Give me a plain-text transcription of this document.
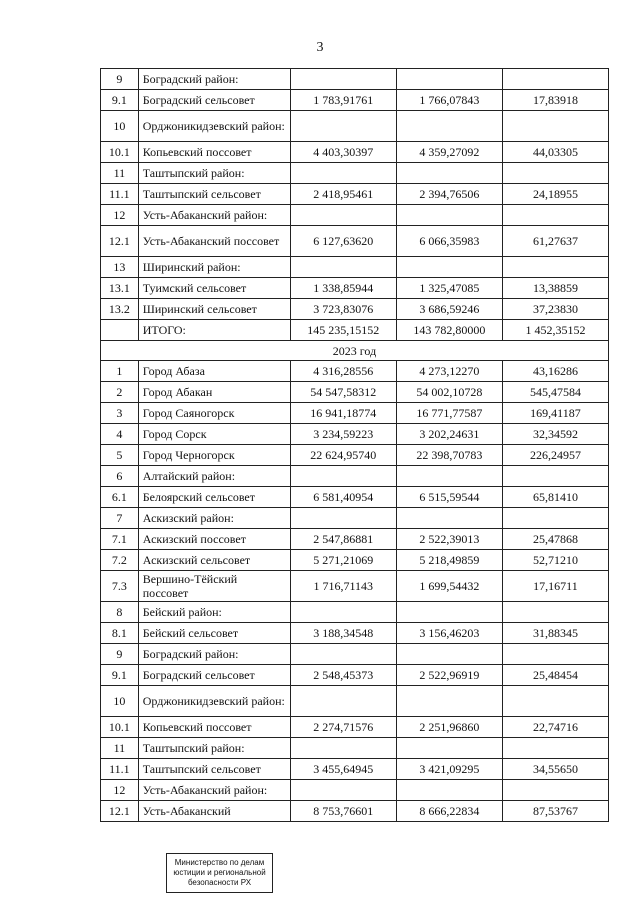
3
9	Боградский район:			
9.1	Боградский сельсовет	1 783,91761	1 766,07843	17,83918
10	Орджоникидзевский район:			
10.1	Копьевский поссовет	4 403,30397	4 359,27092	44,03305
11	Таштыпский район:			
11.1	Таштыпский сельсовет	2 418,95461	2 394,76506	24,18955
12	Усть-Абаканский район:			
12.1	Усть-Абаканский поссовет	6 127,63620	6 066,35983	61,27637
13	Ширинский район:			
13.1	Туимский сельсовет	1 338,85944	1 325,47085	13,38859
13.2	Ширинский сельсовет	3 723,83076	3 686,59246	37,23830
	ИТОГО:	145 235,15152	143 782,80000	1 452,35152
2023 год				
1	Город Абаза	4 316,28556	4 273,12270	43,16286
2	Город Абакан	54 547,58312	54 002,10728	545,47584
3	Город Саяногорск	16 941,18774	16 771,77587	169,41187
4	Город Сорск	3 234,59223	3 202,24631	32,34592
5	Город Черногорск	22 624,95740	22 398,70783	226,24957
6	Алтайский район:			
6.1	Белоярский сельсовет	6 581,40954	6 515,59544	65,81410
7	Аскизский район:			
7.1	Аскизский поссовет	2 547,86881	2 522,39013	25,47868
7.2	Аскизский сельсовет	5 271,21069	5 218,49859	52,71210
7.3	Вершино-Тёйский поссовет	1 716,71143	1 699,54432	17,16711
8	Бейский район:			
8.1	Бейский сельсовет	3 188,34548	3 156,46203	31,88345
9	Боградский район:			
9.1	Боградский сельсовет	2 548,45373	2 522,96919	25,48454
10	Орджоникидзевский район:			
10.1	Копьевский поссовет	2 274,71576	2 251,96860	22,74716
11	Таштыпский район:			
11.1	Таштыпский сельсовет	3 455,64945	3 421,09295	34,55650
12	Усть-Абаканский район:			
12.1	Усть-Абаканский	8 753,76601	8 666,22834	87,53767
Министерство по делам
юстиции и региональной
безопасности РХ
